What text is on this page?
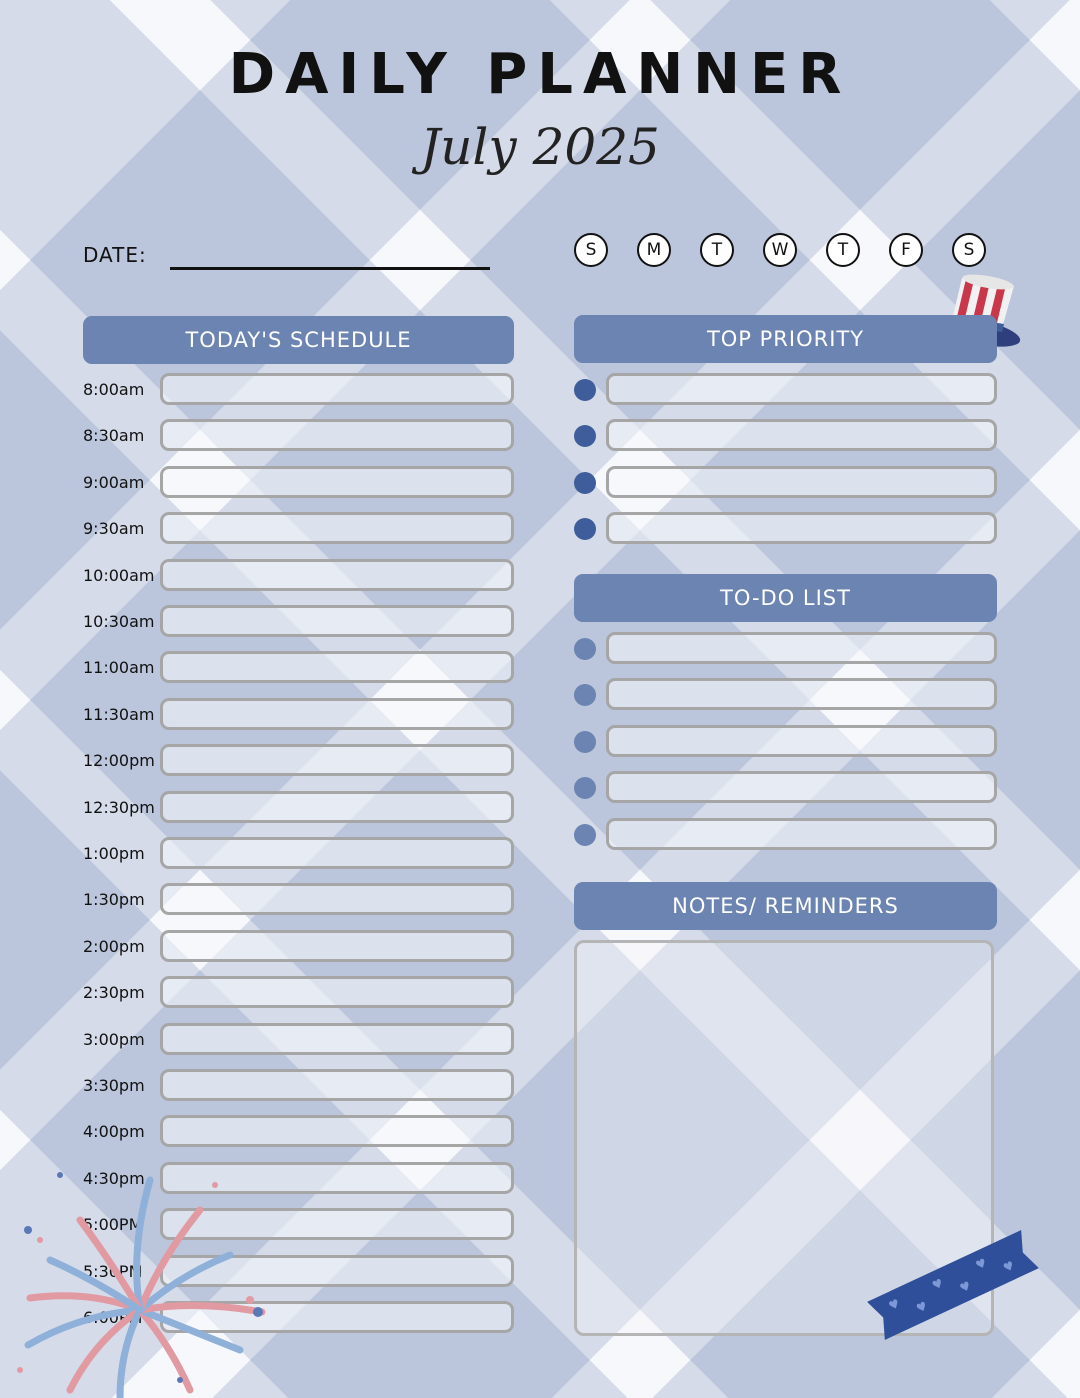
DAILY PLANNER
July 2025
DATE:	S	M	T	W	T	F	S
TODAY'S SCHEDULE	TOP PRIORITY
TO-DO LIST
NOTES/ REMINDERS
8:00am
8:30am
9:00am
9:30am
10:00am
10:30am
11:00am
11:30am
12:00pm
12:30pm
1:00pm
1:30pm
2:00pm
2:30pm
3:00pm
3:30pm
4:00pm
4:30pm
5:00PM
5:30PM
6:00PM
♥ ♥
♥ ♥
♥ ♥
